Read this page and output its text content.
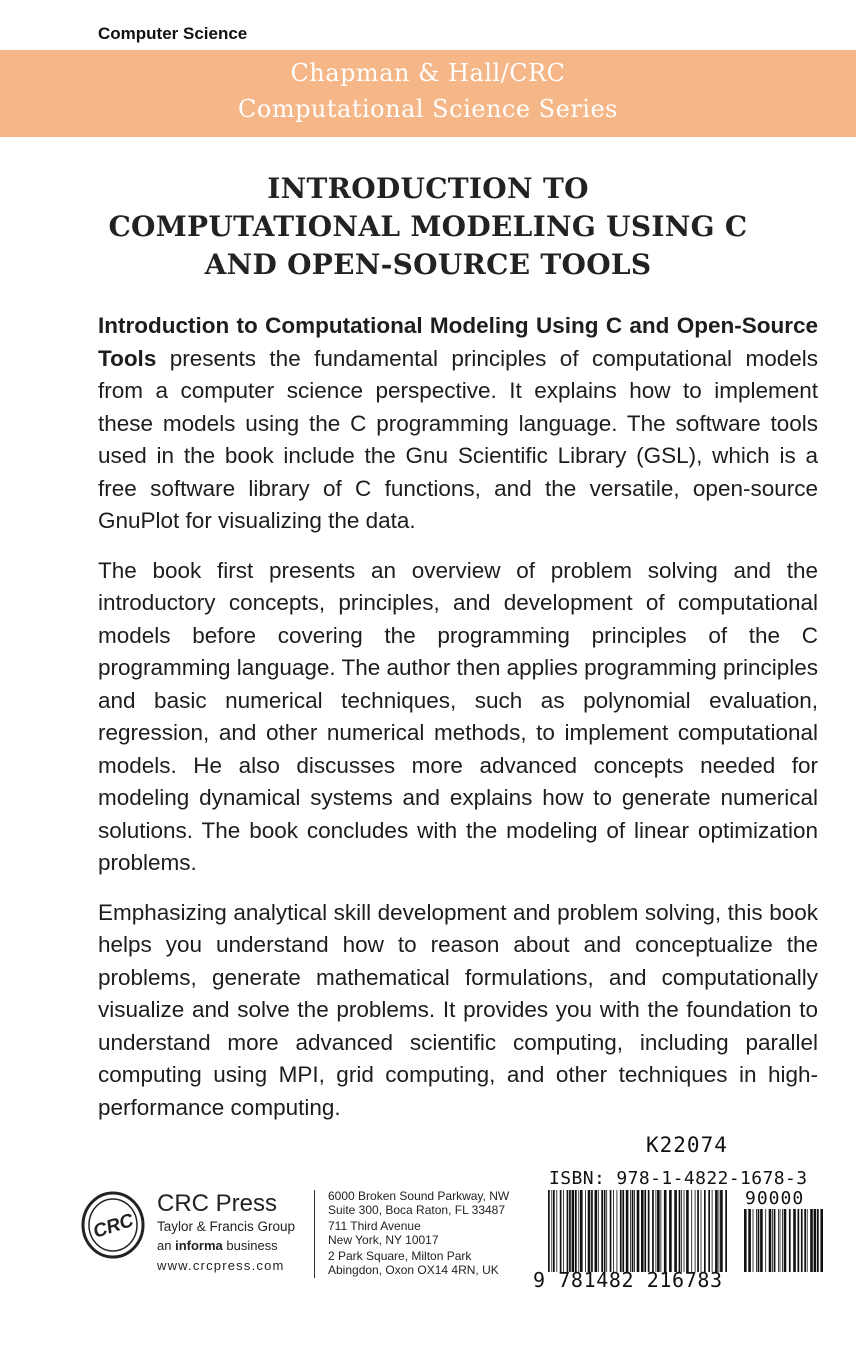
Computer Science
Chapman & Hall/CRC
Computational Science Series
INTRODUCTION TO
COMPUTATIONAL MODELING USING C
AND OPEN-SOURCE TOOLS

Introduction to Computational Modeling Using C and Open-Source Tools presents the fundamental principles of computational models from a computer science perspective. It explains how to implement these models using the C programming language. The software tools used in the book include the Gnu Scientific Library (GSL), which is a free software library of C functions, and the versatile, open-source GnuPlot for visualizing the data.

The book first presents an overview of problem solving and the introductory concepts, principles, and development of computational models before covering the programming principles of the C programming language. The author then applies programming principles and basic numerical techniques, such as polynomial evaluation, regression, and other numerical methods, to implement computational models. He also discusses more advanced concepts needed for modeling dynamical systems and explains how to generate numerical solutions. The book concludes with the modeling of linear optimization problems.

Emphasizing analytical skill development and problem solving, this book helps you understand how to reason about and conceptualize the problems, generate mathematical formulations, and computationally visualize and solve the problems. It provides you with the foundation to understand more advanced scientific computing, including parallel computing using MPI, grid computing, and other techniques in high-performance computing.

CRC
CRC Press
Taylor & Francis Group
an informa business
www.crcpress.com
6000 Broken Sound Parkway, NW
Suite 300, Boca Raton, FL 33487
711 Third Avenue
New York, NY 10017
2 Park Square, Milton Park
Abingdon, Oxon OX14 4RN, UK
K22074
ISBN: 978-1-4822-1678-3
90000
9 781482 216783
